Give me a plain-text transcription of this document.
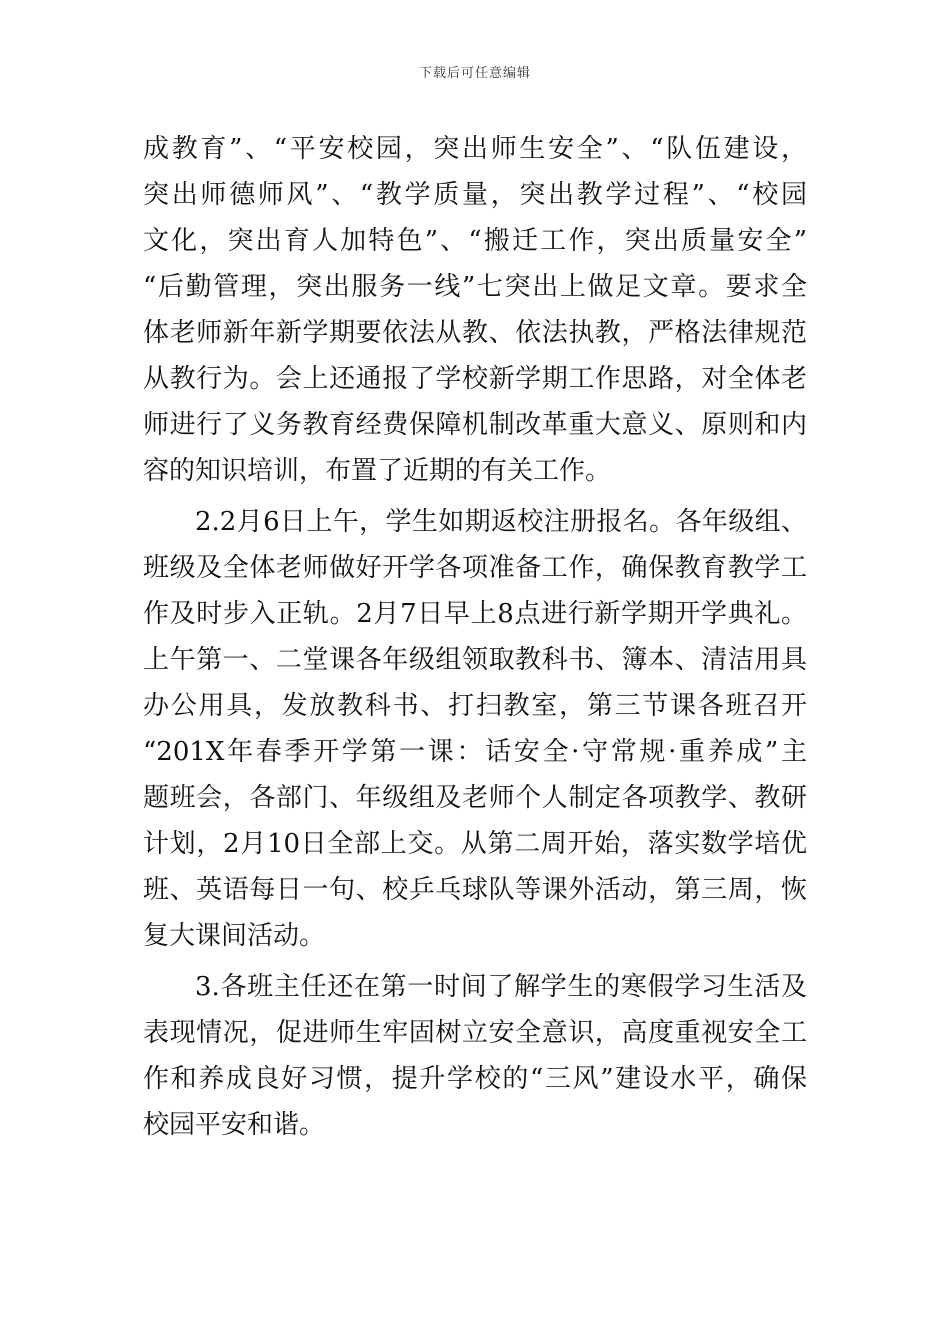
下载后可任意编辑
成教育”、“平安校园，突出师生安全”、“队伍建设，
突出师德师风”、“教学质量，突出教学过程”、“校园
文化，突出育人加特色”、“搬迁工作，突出质量安全”
“后勤管理，突出服务一线”七突出上做足文章。要求全
体老师新年新学期要依法从教、依法执教，严格法律规范
从教行为。会上还通报了学校新学期工作思路，对全体老
师进行了义务教育经费保障机制改革重大意义、原则和内
容的知识培训，布置了近期的有关工作。
2.2月6日上午，学生如期返校注册报名。各年级组、
班级及全体老师做好开学各项准备工作，确保教育教学工
作及时步入正轨。2月7日早上8点进行新学期开学典礼。
上午第一、二堂课各年级组领取教科书、簿本、清洁用具
办公用具，发放教科书、打扫教室，第三节课各班召开
“201X年春季开学第一课：话安全·守常规·重养成”主
题班会，各部门、年级组及老师个人制定各项教学、教研
计划，2月10日全部上交。从第二周开始，落实数学培优
班、英语每日一句、校乒乓球队等课外活动，第三周，恢
复大课间活动。
3.各班主任还在第一时间了解学生的寒假学习生活及
表现情况，促进师生牢固树立安全意识，高度重视安全工
作和养成良好习惯，提升学校的“三风”建设水平，确保
校园平安和谐。
